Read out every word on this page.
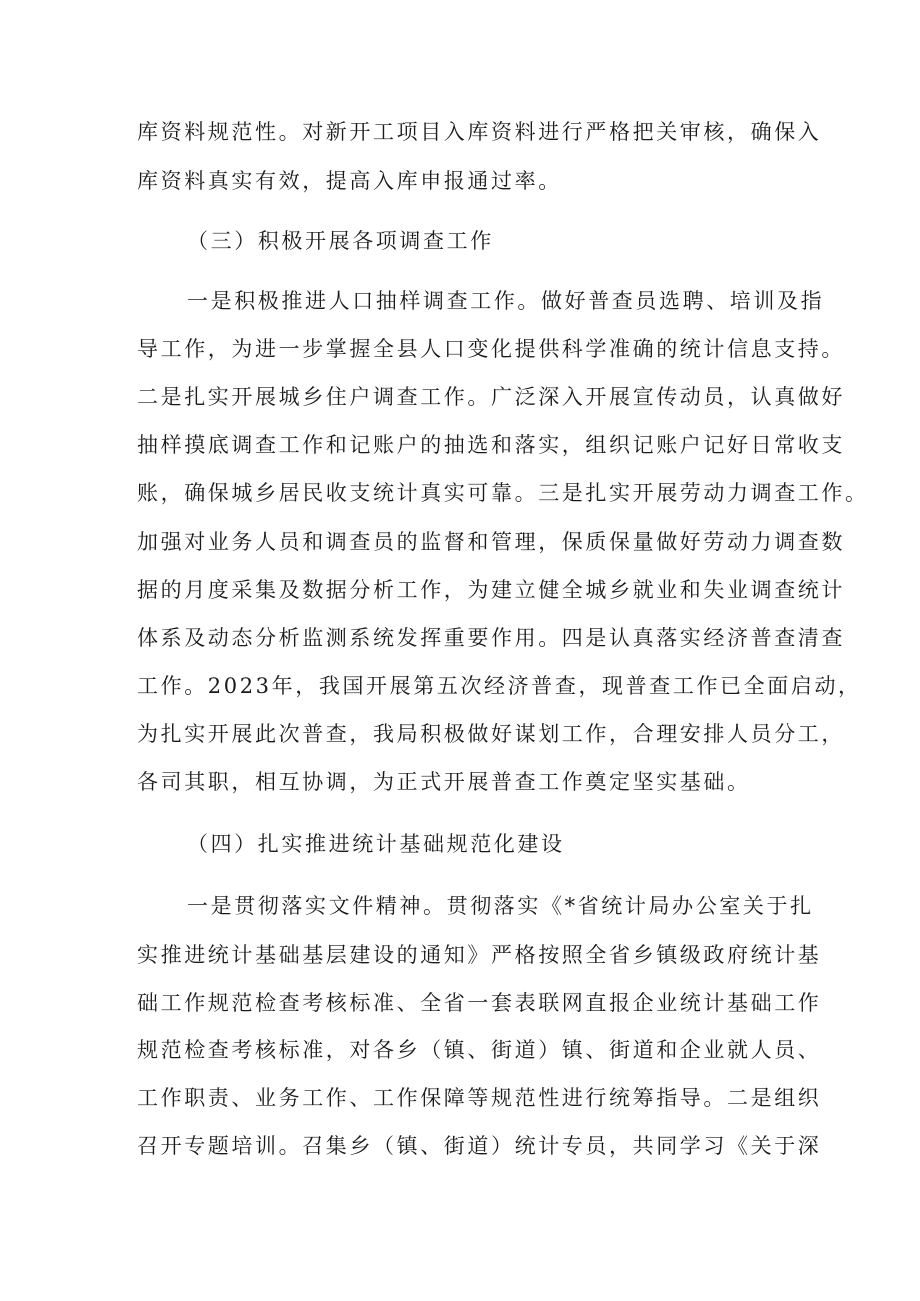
库资料规范性。对新开工项目入库资料进行严格把关审核，确保入
库资料真实有效，提高入库申报通过率。
（三）积极开展各项调查工作
一是积极推进人口抽样调查工作。做好普查员选聘、培训及指
导工作，为进一步掌握全县人口变化提供科学准确的统计信息支持。
二是扎实开展城乡住户调查工作。广泛深入开展宣传动员，认真做好
抽样摸底调查工作和记账户的抽选和落实，组织记账户记好日常收支
账，确保城乡居民收支统计真实可靠。三是扎实开展劳动力调查工作。
加强对业务人员和调查员的监督和管理，保质保量做好劳动力调查数
据的月度采集及数据分析工作，为建立健全城乡就业和失业调查统计
体系及动态分析监测系统发挥重要作用。四是认真落实经济普查清查
工作。2023年，我国开展第五次经济普查，现普查工作已全面启动，
为扎实开展此次普查，我局积极做好谋划工作，合理安排人员分工，
各司其职，相互协调，为正式开展普查工作奠定坚实基础。
（四）扎实推进统计基础规范化建设
一是贯彻落实文件精神。贯彻落实《*省统计局办公室关于扎
实推进统计基础基层建设的通知》严格按照全省乡镇级政府统计基
础工作规范检查考核标准、全省一套表联网直报企业统计基础工作
规范检查考核标准，对各乡（镇、街道）镇、街道和企业就人员、
工作职责、业务工作、工作保障等规范性进行统筹指导。二是组织
召开专题培训。召集乡（镇、街道）统计专员，共同学习《关于深
